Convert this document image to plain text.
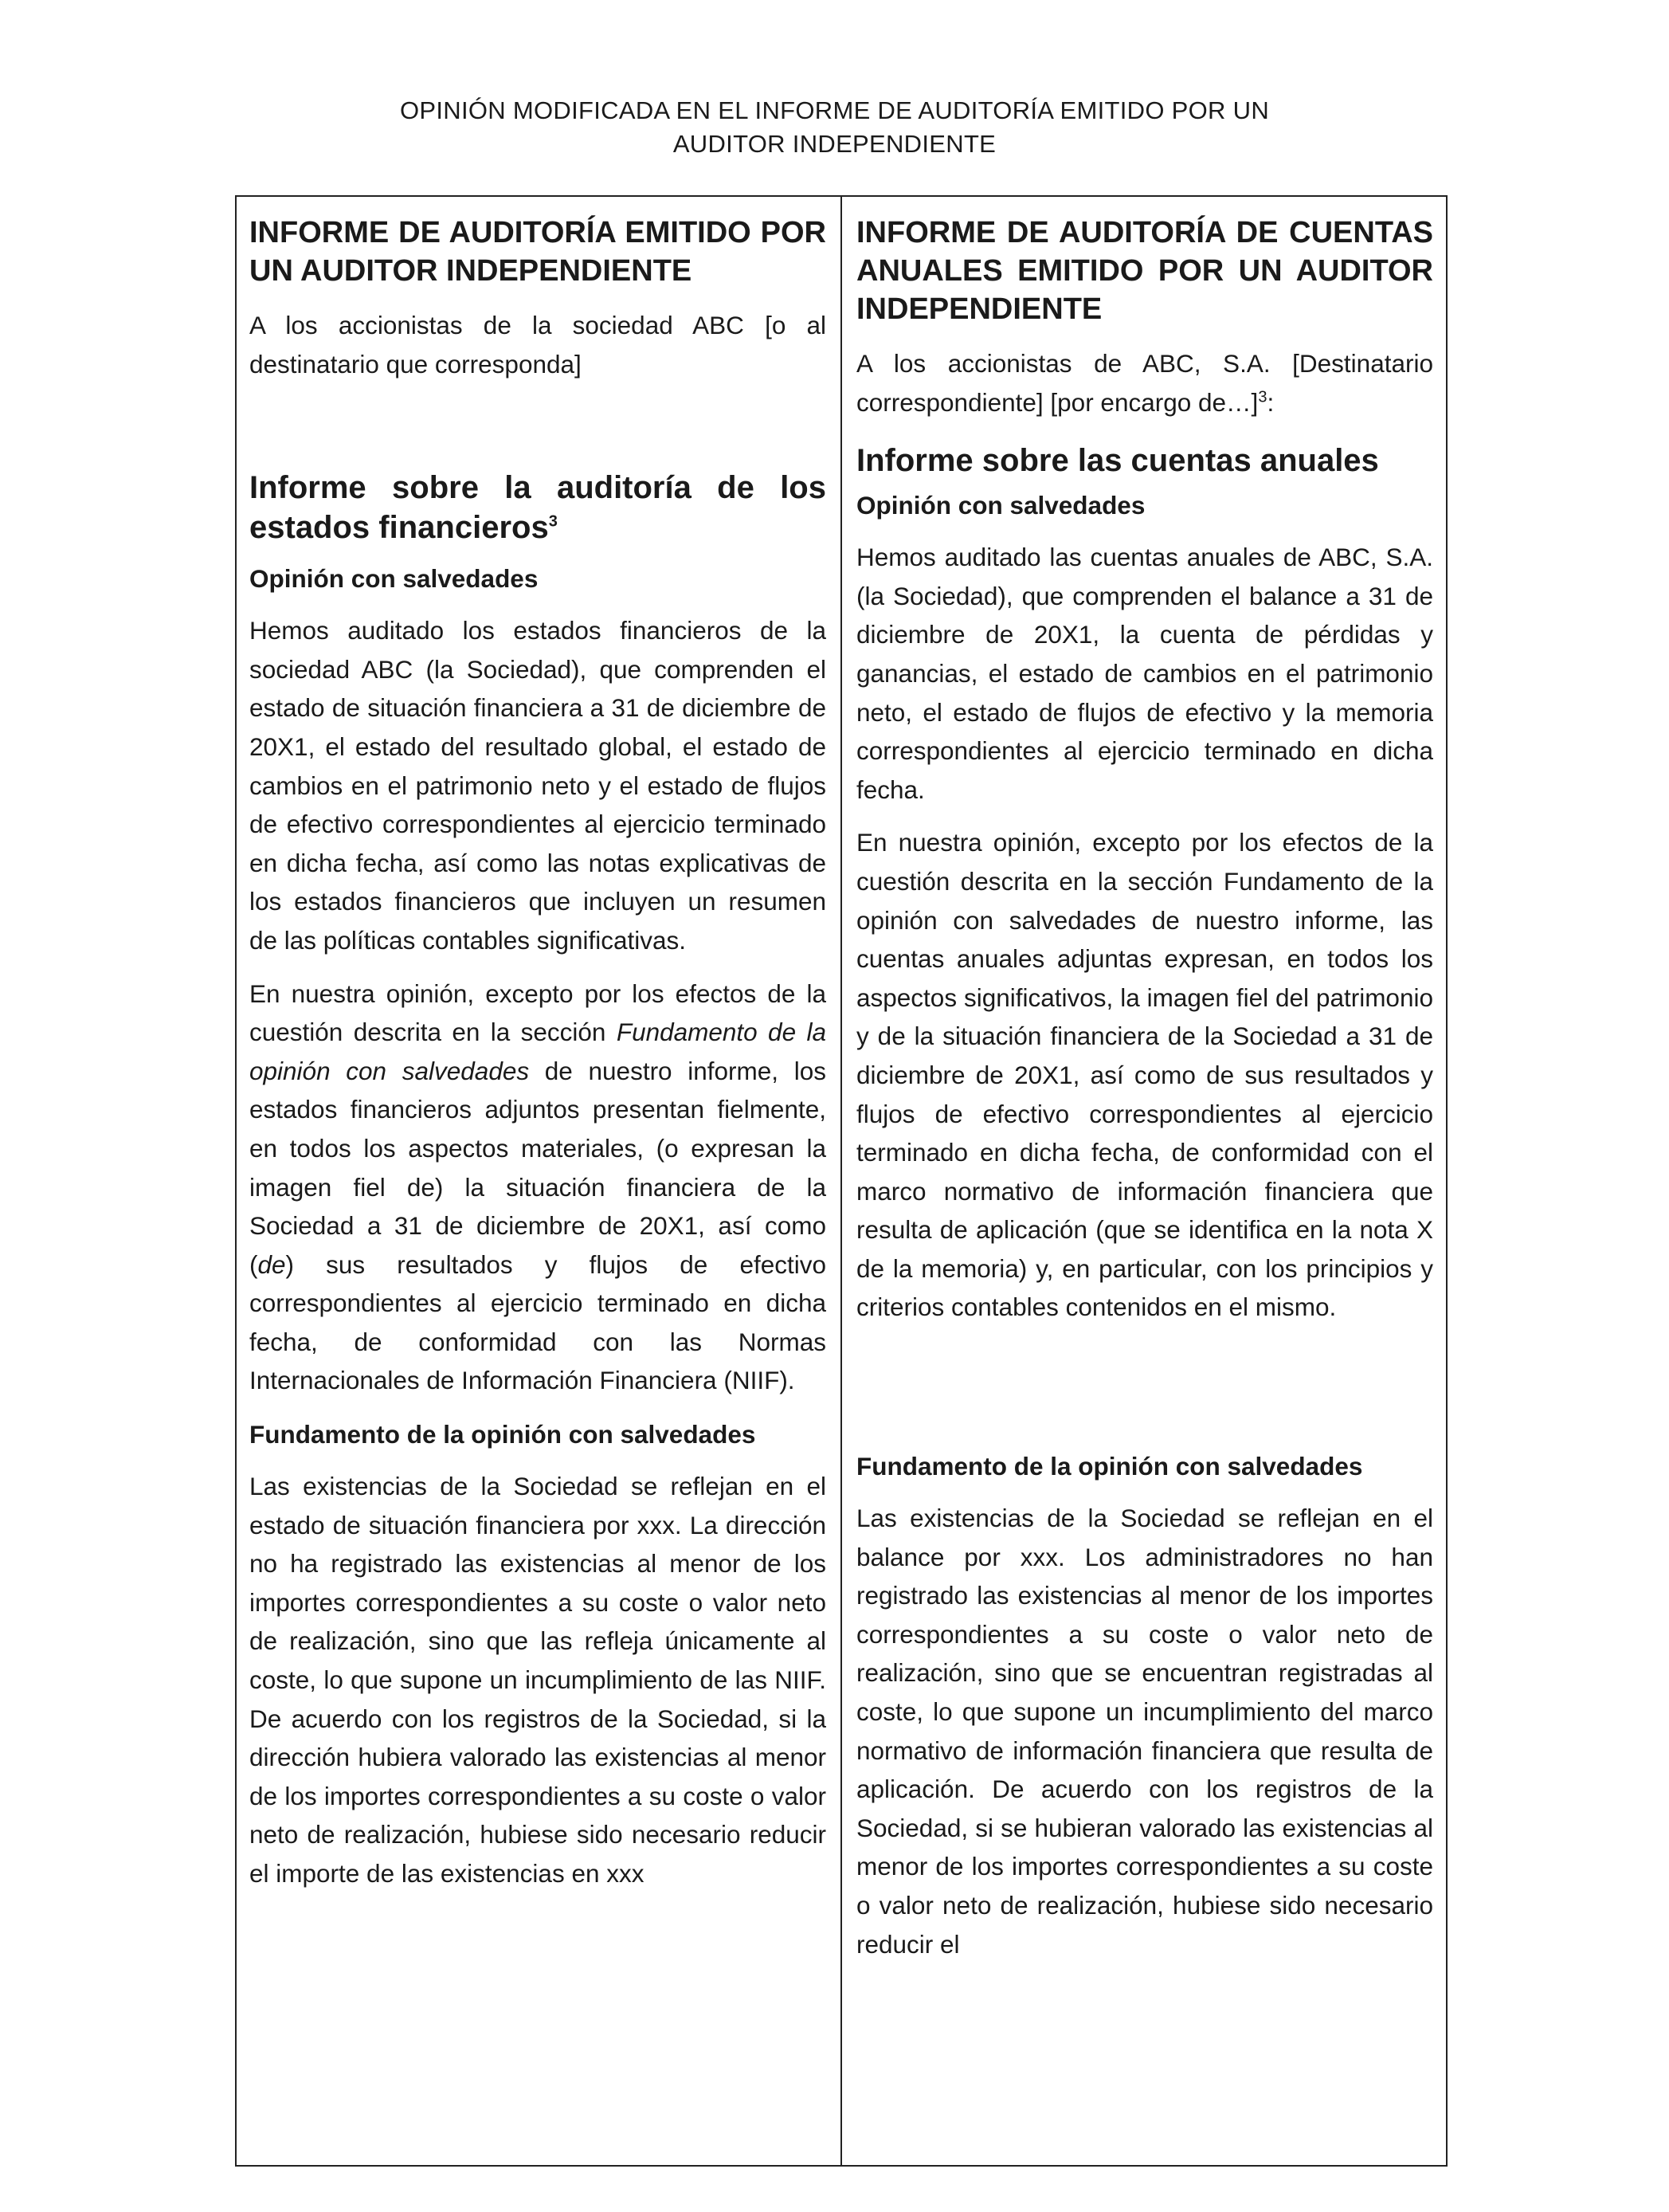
OPINIÓN MODIFICADA EN EL INFORME DE AUDITORÍA EMITIDO POR UN
AUDITOR INDEPENDIENTE

INFORME DE AUDITORÍA EMITIDO POR UN AUDITOR INDEPENDIENTE

A los accionistas de la sociedad ABC [o al destinatario que corresponda]

Informe sobre la auditoría de los estados financieros$^3$

Opinión con salvedades

Hemos auditado los estados financieros de la sociedad ABC (la Sociedad), que comprenden el estado de situación financiera a 31 de diciembre de 20X1, el estado del resultado global, el estado de cambios en el patrimonio neto y el estado de flujos de efectivo correspondientes al ejercicio terminado en dicha fecha, así como las notas explicativas de los estados financieros que incluyen un resumen de las políticas contables significativas.

En nuestra opinión, excepto por los efectos de la cuestión descrita en la sección Fundamento de la opinión con salvedades de nuestro informe, los estados financieros adjuntos presentan fielmente, en todos los aspectos materiales, (o expresan la imagen fiel de) la situación financiera de la Sociedad a 31 de diciembre de 20X1, así como (de) sus resultados y flujos de efectivo correspondientes al ejercicio terminado en dicha fecha, de conformidad con las Normas Internacionales de Información Financiera (NIIF).

Fundamento de la opinión con salvedades

Las existencias de la Sociedad se reflejan en el estado de situación financiera por xxx. La dirección no ha registrado las existencias al menor de los importes correspondientes a su coste o valor neto de realización, sino que las refleja únicamente al coste, lo que supone un incumplimiento de las NIIF. De acuerdo con los registros de la Sociedad, si la dirección hubiera valorado las existencias al menor de los importes correspondientes a su coste o valor neto de realización, hubiese sido necesario reducir el importe de las existencias en xxx

INFORME DE AUDITORÍA DE CUENTAS ANUALES EMITIDO POR UN AUDITOR INDEPENDIENTE

A los accionistas de ABC, S.A. [Destinatario correspondiente] [por encargo de…]$^3$:

Informe sobre las cuentas anuales

Opinión con salvedades

Hemos auditado las cuentas anuales de ABC, S.A. (la Sociedad), que comprenden el balance a 31 de diciembre de 20X1, la cuenta de pérdidas y ganancias, el estado de cambios en el patrimonio neto, el estado de flujos de efectivo y la memoria correspondientes al ejercicio terminado en dicha fecha.

En nuestra opinión, excepto por los efectos de la cuestión descrita en la sección Fundamento de la opinión con salvedades de nuestro informe, las cuentas anuales adjuntas expresan, en todos los aspectos significativos, la imagen fiel del patrimonio y de la situación financiera de la Sociedad a 31 de diciembre de 20X1, así como de sus resultados y flujos de efectivo correspondientes al ejercicio terminado en dicha fecha, de conformidad con el marco normativo de información financiera que resulta de aplicación (que se identifica en la nota X de la memoria) y, en particular, con los principios y criterios contables contenidos en el mismo.

Fundamento de la opinión con salvedades

Las existencias de la Sociedad se reflejan en el balance por xxx. Los administradores no han registrado las existencias al menor de los importes correspondientes a su coste o valor neto de realización, sino que se encuentran registradas al coste, lo que supone un incumplimiento del marco normativo de información financiera que resulta de aplicación. De acuerdo con los registros de la Sociedad, si se hubieran valorado las existencias al menor de los importes correspondientes a su coste o valor neto de realización, hubiese sido necesario reducir el
